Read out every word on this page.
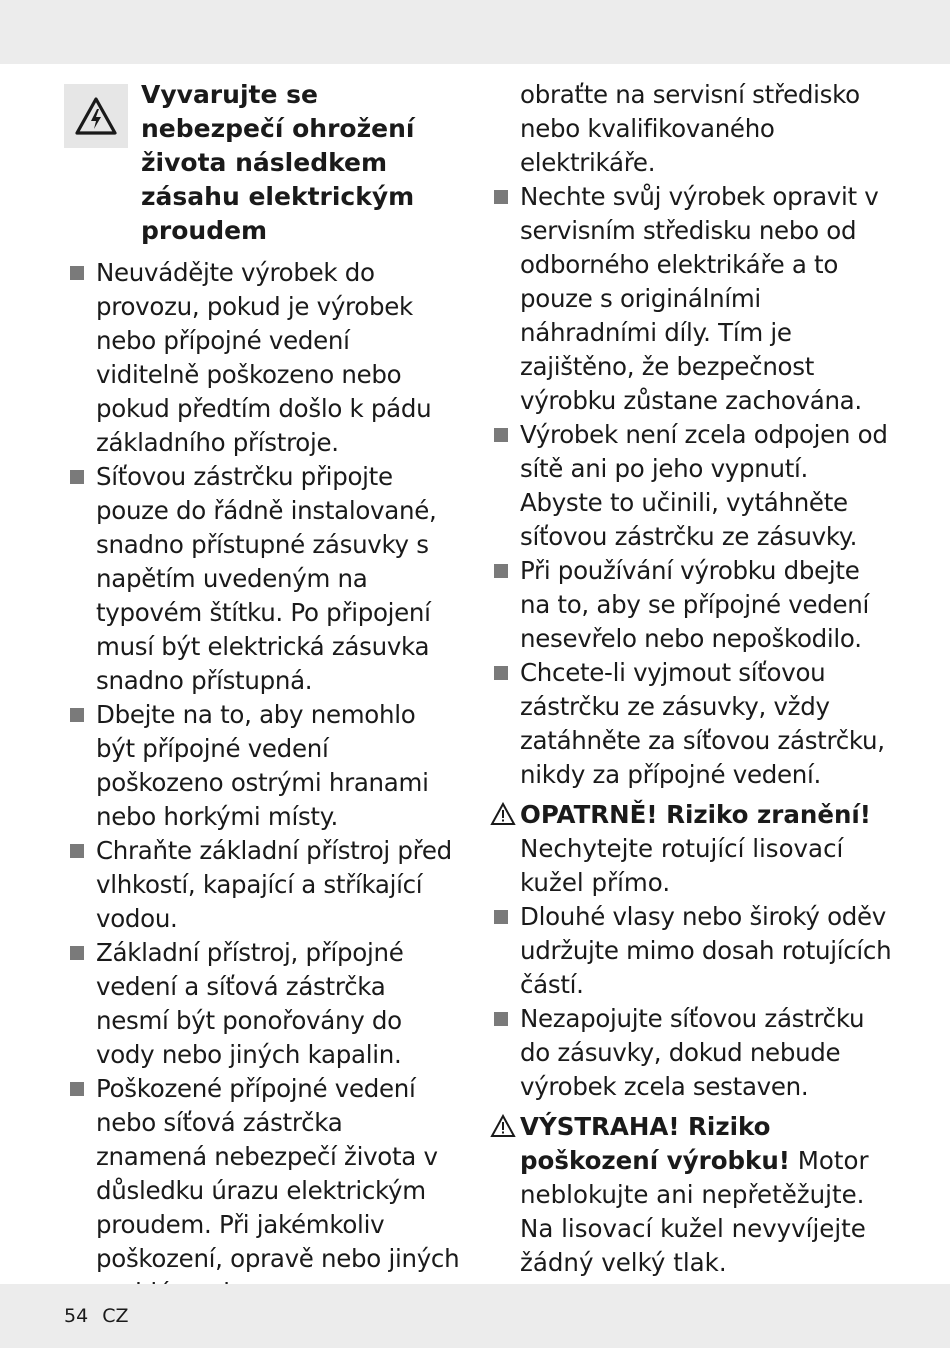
Vyvarujte se nebezpečí ohrožení života následkem zásahu elektrickým proudem
Neuvádějte výrobek do provozu, pokud je výrobek nebo přípojné vedení viditelně poškozeno nebo pokud předtím došlo k pádu základního přístroje.
Síťovou zástrčku připojte pouze do řádně instalované, snadno přístupné zásuvky s napětím uvedeným na typovém štítku. Po připojení musí být elektrická zásuvka snadno přístupná.
Dbejte na to, aby nemohlo být přípojné vedení poškozeno ostrými hranami nebo horkými místy.
Chraňte základní přístroj před vlhkostí, kapající a stříkající vodou.
Základní přístroj, přípojné vedení a síťová zástrčka nesmí být ponořovány do vody nebo jiných kapalin.
Poškozené přípojné vedení nebo síťová zástrčka znamená nebezpečí života v důsledku úrazu elektrickým proudem. Při jakémkoliv poškození, opravě nebo jiných
obraťte na servisní středisko nebo kvalifikovaného elektrikáře.
Nechte svůj výrobek opravit v servisním středisku nebo od odborného elektrikáře a to pouze s originálními náhradními díly. Tím je zajištěno, že bezpečnost výrobku zůstane zachována.
Výrobek není zcela odpojen od sítě ani po jeho vypnutí. Abyste to učinili, vytáhněte síťovou zástrčku ze zásuvky.
Při používání výrobku dbejte na to, aby se přípojné vedení nesevřelo nebo nepoškodilo.
Chcete-li vyjmout síťovou zástrčku ze zásuvky, vždy zatáhněte za síťovou zástrčku, nikdy za přípojné vedení.
OPATRNĚ! Riziko zranění!
Nechytejte rotující lisovací kužel přímo.
Dlouhé vlasy nebo široký oděv udržujte mimo dosah rotujících částí.
Nezapojujte síťovou zástrčku do zásuvky, dokud nebude výrobek zcela sestaven.
VÝSTRAHA! Riziko poškození výrobku! Motor neblokujte ani nepřetěžujte. Na lisovací kužel nevyvíjejte žádný velký tlak.
54 CZ
